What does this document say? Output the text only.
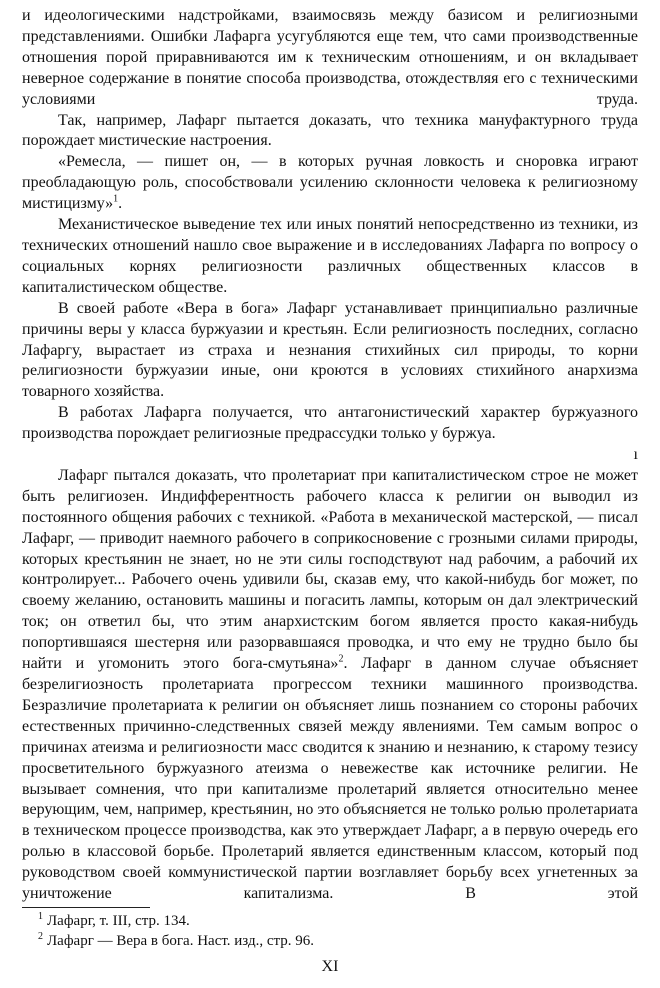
и идеологическими надстройками, взаимосвязь между базисом и религиозными представлениями. Ошибки Лафарга усугубляются еще тем, что сами производственные отношения порой приравниваются им к техническим отношениям, и он вкладывает неверное содержание в понятие способа производства, отождествляя его с техническими условиями труда.

Так, например, Лафарг пытается доказать, что техника мануфактурного труда порождает мистические настроения.

«Ремесла, — пишет он, — в которых ручная ловкость и сноровка играют преобладающую роль, способствовали усилению склонности человека к религиозному мистицизму»$^1$.

Механистическое выведение тех или иных понятий непосредственно из техники, из технических отношений нашло свое выражение и в исследованиях Лафарга по вопросу о социальных корнях религиозности различных общественных классов в капиталистическом обществе.

В своей работе «Вера в бога» Лафарг устанавливает принципиально различные причины веры у класса буржуазии и крестьян. Если религиозность последних, согласно Лафаргу, вырастает из страха и незнания стихийных сил природы, то корни религиозности буржуазии иные, они кроются в условиях стихийного анархизма товарного хозяйства.

В работах Лафарга получается, что антагонистический характер буржуазного производства порождает религиозные предрассудки только у буржуа.

ı

Лафарг пытался доказать, что пролетариат при капиталистическом строе не может быть религиозен. Индифферентность рабочего класса к религии он выводил из постоянного общения рабочих с техникой. «Работа в механической мастерской, — писал Лафарг, — приводит наемного рабочего в соприкосновение с грозными силами природы, которых крестьянин не знает, но не эти силы господствуют над рабочим, а рабочий их контролирует... Рабочего очень удивили бы, сказав ему, что какой-нибудь бог может, по своему желанию, остановить машины и погасить лампы, которым он дал электрический ток; он ответил бы, что этим анархистским богом является просто какая-нибудь попортившаяся шестерня или разорвавшаяся проводка, и что ему не трудно было бы найти и угомонить этого бога-смутьяна»$^2$. Лафарг в данном случае объясняет безрелигиозность пролетариата прогрессом техники машинного производства. Безразличие пролетариата к религии он объясняет лишь познанием со стороны рабочих естественных причинно-следственных связей между явлениями. Тем самым вопрос о причинах атеизма и религиозности масс сводится к знанию и незнанию, к старому тезису просветительного буржуазного атеизма о невежестве как источнике религии. Не вызывает сомнения, что при капитализме пролетарий является относительно менее верующим, чем, например, крестьянин, но это объясняется не только ролью пролетариата в техническом процессе производства, как это утверждает Лафарг, а в первую очередь его ролью в классовой борьбе. Пролетарий является единственным классом, который под руководством своей коммунистической партии возглавляет борьбу всех угнетенных за уничтожение капитализма. В этой

$^1$ Лафарг, т. III, стр. 134.
$^2$ Лафарг — Вера в бога. Наст. изд., стр. 96.
XI
